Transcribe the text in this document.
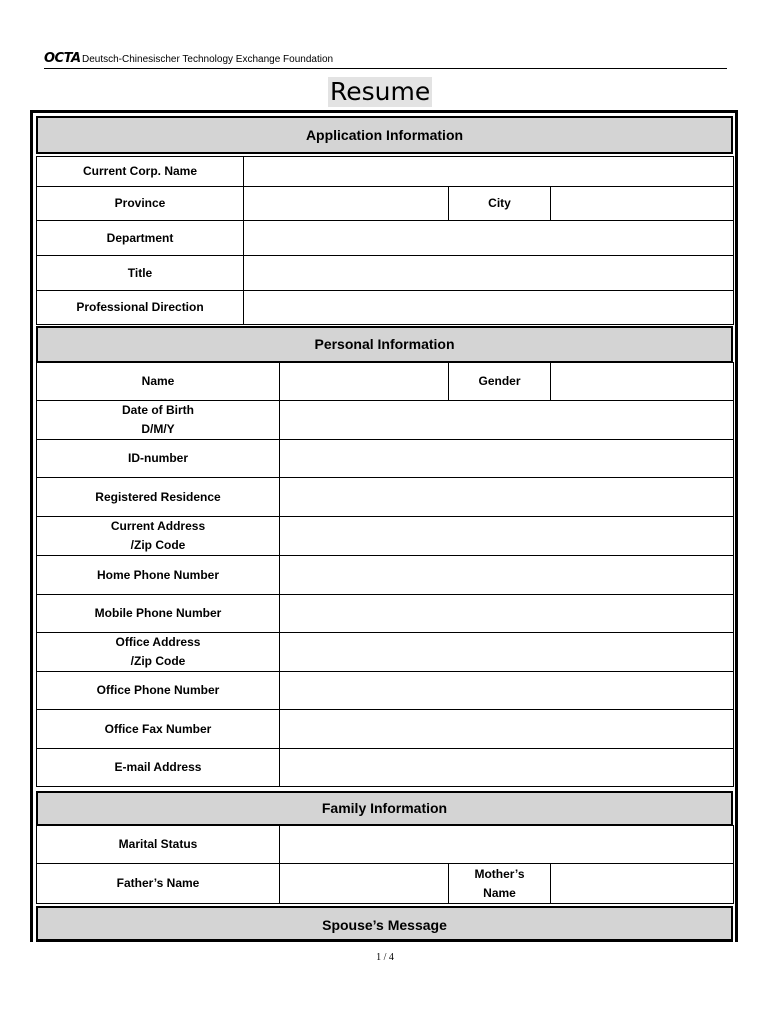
OCTA Deutsch-Chinesischer Technology Exchange Foundation
Resume
Application Information
Current Corp. Name			
Province		City	
Department			
Title			
Professional Direction			
Personal Information
Name		Gender	

Date of Birth
D/M/Y			

ID-number			
Registered Residence			

Current Address
/Zip Code			

Home Phone Number			
Mobile Phone Number			

Office Address
/Zip Code			

Office Phone Number			
Office Fax Number			
E-mail Address			
Family Information
Marital Status			
Father’s Name		Mother’s
Name	

Spouse’s Message
1 / 4
